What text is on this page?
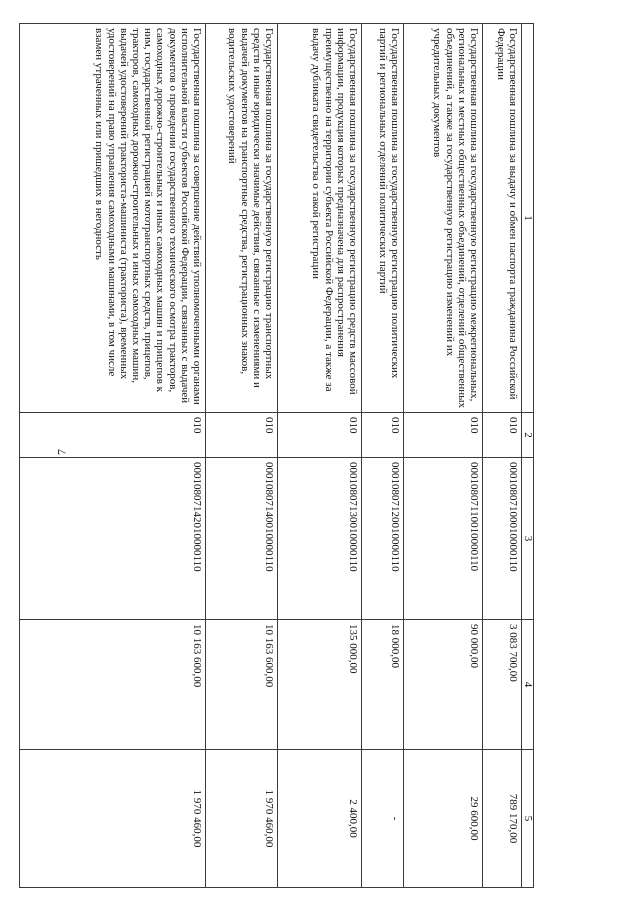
7
1	2	3	4	5
Государственная пошлина за выдачу и обмен паспорта гражданина Российской Федерации	010	00010807100010000110	3 083 700,00	789 170,00
Государственная пошлина за государственную регистрацию межрегиональных, региональных и местных общественных объединений, отделений общественных объединений, а также за государственную регистрацию изменений их учредительных документов	010	00010807110010000110	90 000,00	29 600,00
Государственная пошлина за государственную регистрацию политических партий и региональных отделений политических партий	010	00010807120010000110	18 000,00	-
Государственная пошлина за государственную регистрацию средств массовой информации, продукция которых предназначена для распространения преимущественно на территории субъекта Российской Федерации, а также за выдачу дубликата свидетельства о такой регистрации	010	00010807130010000110	135 000,00	2 400,00
Государственная пошлина за государственную регистрацию транспортных средств и иные юридически значимые действия, связанные с изменениями и выдачей документов на транспортные средства, регистрационных знаков, водительских удостоверений	010	00010807140010000110	10 163 600,00	1 970 460,00
Государственная пошлина за совершение действий уполномоченными органами исполнительной власти субъектов Российской Федерации, связанных с выдачей документов о проведении государственного технического осмотра тракторов, самоходных дорожно-строительных и иных самоходных машин и прицепов к ним, государственной регистрацией мототранспортных средств, прицепов, тракторов, самоходных дорожно-строительных и иных самоходных машин, выдачей удостоверений тракториста-машиниста (тракториста), временных удостоверений на право управления самоходными машинами, в том числе взамен утраченных или пришедших в негодность	010	00010807142010000110	10 163 600,00	1 970 460,00
